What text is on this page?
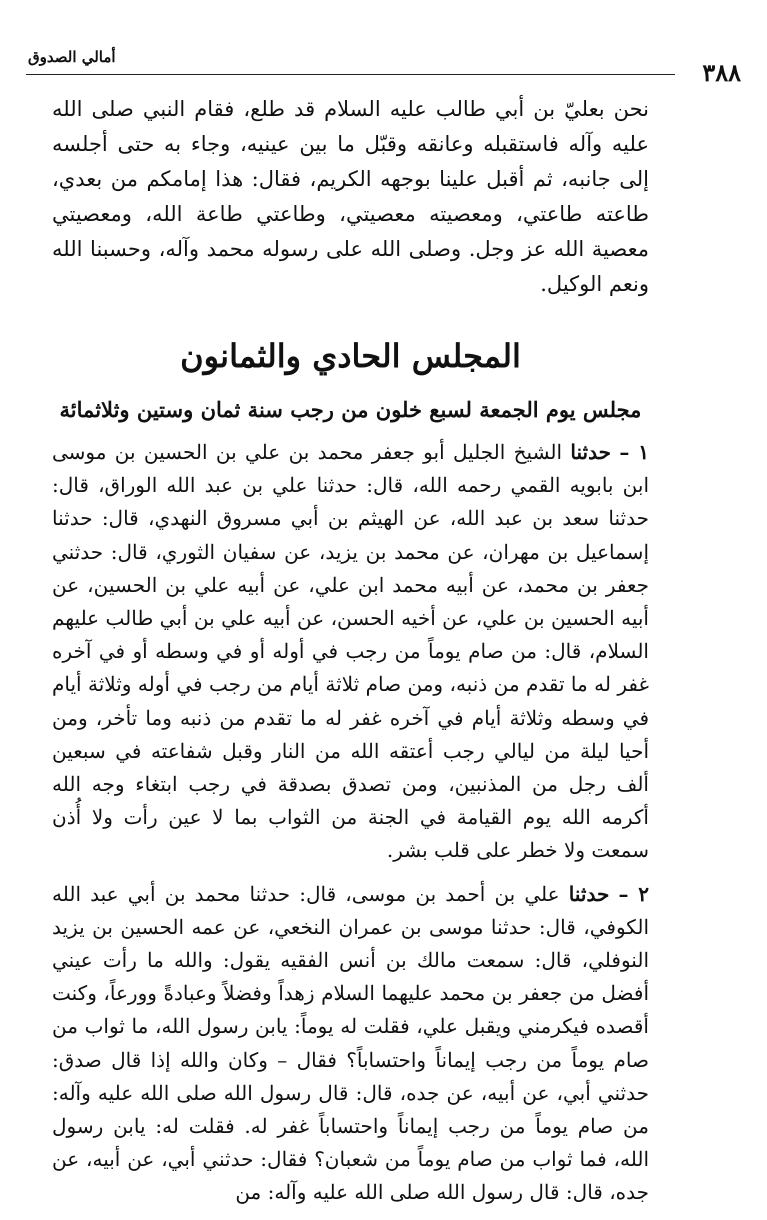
أمالي الصدوق
٣٨٨

نحن بعليّ بن أبي طالب عليه السلام قد طلع، فقام النبي صلى الله عليه وآله فاستقبله وعانقه وقبّل ما بين عينيه، وجاء به حتى أجلسه إلى جانبه، ثم أقبل علينا بوجهه الكريم، فقال: هذا إمامكم من بعدي، طاعته طاعتي، ومعصيته معصيتي، وطاعتي طاعة الله، ومعصيتي معصية الله عز وجل. وصلى الله على رسوله محمد وآله، وحسبنا الله ونعم الوكيل.

المجلس الحادي والثمانون
مجلس يوم الجمعة لسبع خلون من رجب سنة ثمان وستين وثلاثمائة

١ – حدثنا الشيخ الجليل أبو جعفر محمد بن علي بن الحسين بن موسى ابن بابويه القمي رحمه الله، قال: حدثنا علي بن عبد الله الوراق، قال: حدثنا سعد بن عبد الله، عن الهيثم بن أبي مسروق النهدي، قال: حدثنا إسماعيل بن مهران، عن محمد بن يزيد، عن سفيان الثوري، قال: حدثني جعفر بن محمد، عن أبيه محمد ابن علي، عن أبيه علي بن الحسين، عن أبيه الحسين بن علي، عن أخيه الحسن، عن أبيه علي بن أبي طالب عليهم السلام، قال: من صام يوماً من رجب في أوله أو في وسطه أو في آخره غفر له ما تقدم من ذنبه، ومن صام ثلاثة أيام من رجب في أوله وثلاثة أيام في وسطه وثلاثة أيام في آخره غفر له ما تقدم من ذنبه وما تأخر، ومن أحيا ليلة من ليالي رجب أعتقه الله من النار وقبل شفاعته في سبعين ألف رجل من المذنبين، ومن تصدق بصدقة في رجب ابتغاء وجه الله أكرمه الله يوم القيامة في الجنة من الثواب بما لا عين رأت ولا أُذن سمعت ولا خطر على قلب بشر.

٢ – حدثنا علي بن أحمد بن موسى، قال: حدثنا محمد بن أبي عبد الله الكوفي، قال: حدثنا موسى بن عمران النخعي، عن عمه الحسين بن يزيد النوفلي، قال: سمعت مالك بن أنس الفقيه يقول: والله ما رأت عيني أفضل من جعفر بن محمد عليهما السلام زهداً وفضلاً وعبادةً وورعاً، وكنت أقصده فيكرمني ويقبل علي، فقلت له يوماً: يابن رسول الله، ما ثواب من صام يوماً من رجب إيماناً واحتساباً؟ فقال – وكان والله إذا قال صدق: حدثني أبي، عن أبيه، عن جده، قال: قال رسول الله صلى الله عليه وآله: من صام يوماً من رجب إيماناً واحتساباً غفر له. فقلت له: يابن رسول الله، فما ثواب من صام يوماً من شعبان؟ فقال: حدثني أبي، عن أبيه، عن جده، قال: قال رسول الله صلى الله عليه وآله: من
